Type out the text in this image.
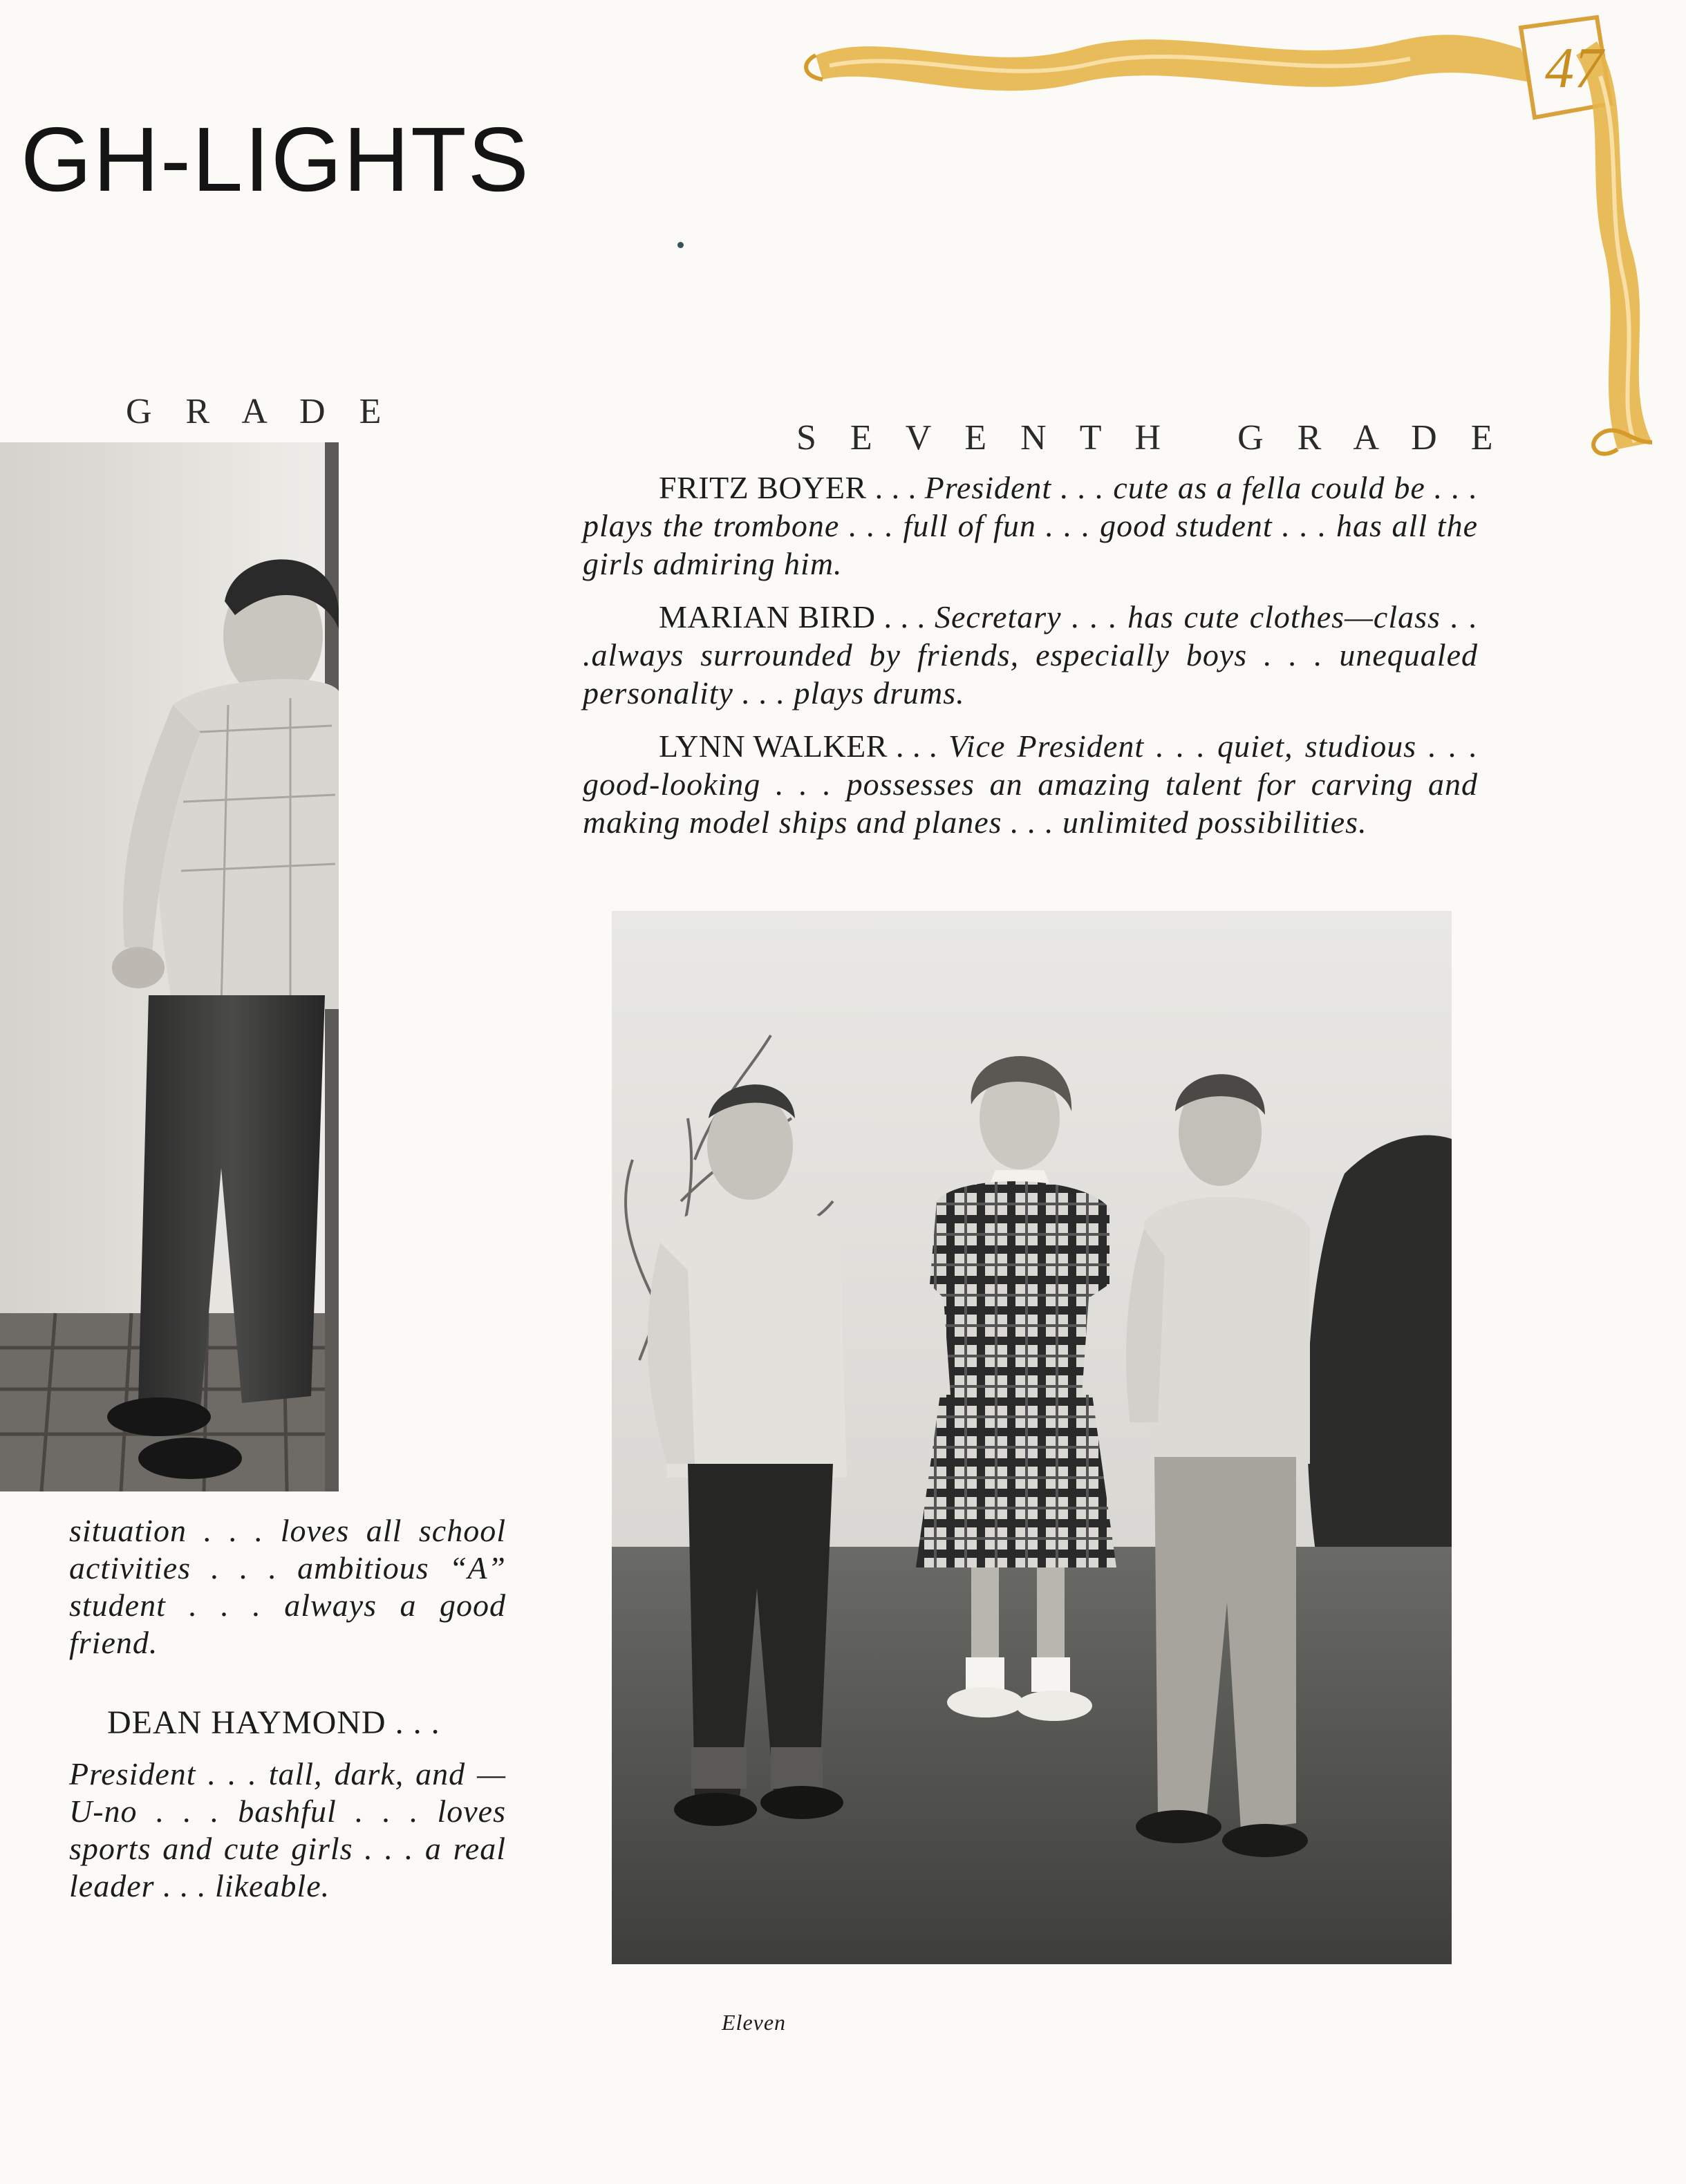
GH-LIGHTS
47
G R A D E
situation . . . loves all school activities . . . ambitious “A” student . . . always a good friend.
DEAN HAYMOND . . .
President . . . tall, dark, and —U-no . . . bashful . . . loves sports and cute girls . . . a real leader . . . likeable.
S E V E N T H   G R A D E

FRITZ BOYER . . . President . . . cute as a fella could be . . . plays the trombone . . . full of fun . . . good student . . . has all the girls admiring him.

MARIAN BIRD . . . Secretary . . . has cute clothes—class . . .always surrounded by friends, especially boys . . . unequaled personality . . . plays drums.

LYNN WALKER . . . Vice President . . . quiet, studious . . . good-looking . . . possesses an amazing talent for carving and making model ships and planes . . . unlimited possibilities.

Eleven
